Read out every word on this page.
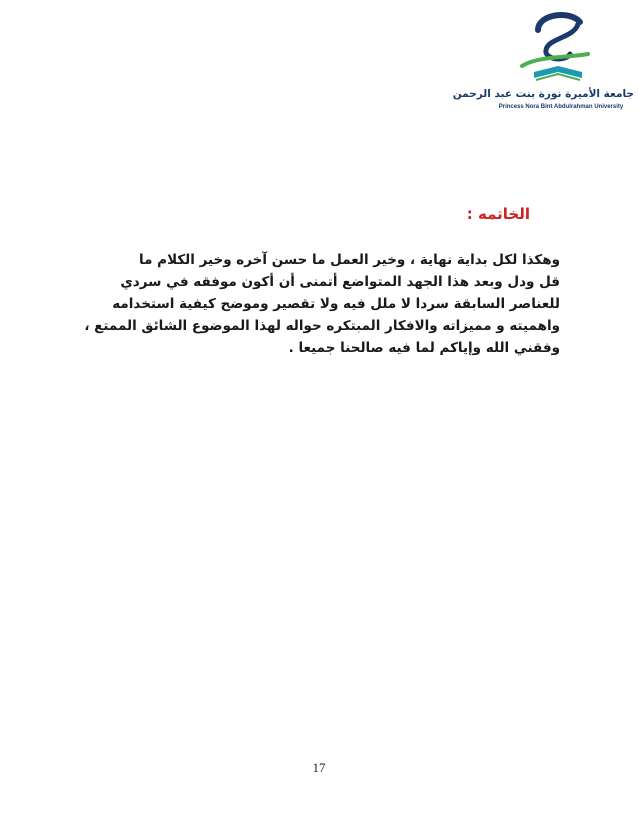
جامعة الأميرة نورة بنت عبد الرحمن
Princess Nora Bint Abdulrahman University
الخاتمه :
وهكذا لكل بداية نهاية ، وخير العمل ما حسن آخره وخير الكلام ما
قل ودل وبعد هذا الجهد المتواضع أتمنى أن أكون موفقه في سردي
للعناصر السابقة سردا لا ملل فيه ولا تقصير وموضح كيفية استخدامه
واهميته و مميزاته والافكار المبتكره حواله لهذا الموضوع الشائق الممتع ،
وفقني الله وإياكم لما فيه صالحنا جميعا .
17
